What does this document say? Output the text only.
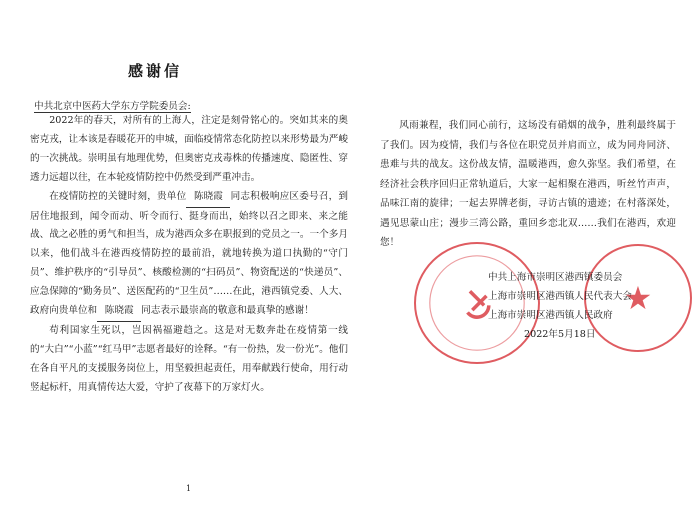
感谢信
中共北京中医药大学东方学院委员会:

2022年的春天，对所有的上海人，注定是刻骨铭心的。突如其来的奥密克戎，让本该是春暖花开的申城，面临疫情常态化防控以来形势最为严峻的一次挑战。崇明虽有地理优势，但奥密克戎毒株的传播速度、隐匿性、穿透力远超以往，在本轮疫情防控中仍然受到严重冲击。

在疫情防控的关键时刻，贵单位 陈晓霞 同志积极响应区委号召，到居住地报到，闻令而动、听令而行、挺身而出，始终以召之即来、来之能战、战之必胜的勇气和担当，成为港西众多在职报到的党员之一。一个多月以来，他们战斗在港西疫情防控的最前沿，就地转换为道口执勤的“守门员”、维护秩序的“引导员”、核酸检测的“扫码员”、物资配送的“快递员”、应急保障的“勤务员”、送医配药的“卫生员”……在此，港西镇党委、人大、政府向贵单位和 陈晓霞 同志表示最崇高的敬意和最真挚的感谢！

苟利国家生死以，岂因祸福避趋之。这是对无数奔赴在疫情第一线的“大白”“小蓝”“红马甲”志愿者最好的诠释。“有一份热，发一份光”。他们在各自平凡的支援服务岗位上，用坚毅担起责任，用奉献践行使命，用行动竖起标杆，用真情传达大爱，守护了夜幕下的万家灯火。

1

风雨兼程，我们同心前行，这场没有硝烟的战争，胜利最终属于了我们。因为疫情，我们与各位在职党员并肩而立，成为同舟同济、患难与共的战友。这份战友情，温暖港西，愈久弥坚。我们希望，在经济社会秩序回归正常轨道后，大家一起相聚在港西，听丝竹声声，品味江南的旋律；一起去界牌老街，寻访古镇的遗迹；在村落深处，遇见思蒙山庄；漫步三湾公路，重回乡恋北双……我们在港西，欢迎您！

★
中共上海市崇明区港西镇委员会
上海市崇明区港西镇人民代表大会
上海市崇明区港西镇人民政府
2022年5月18日
